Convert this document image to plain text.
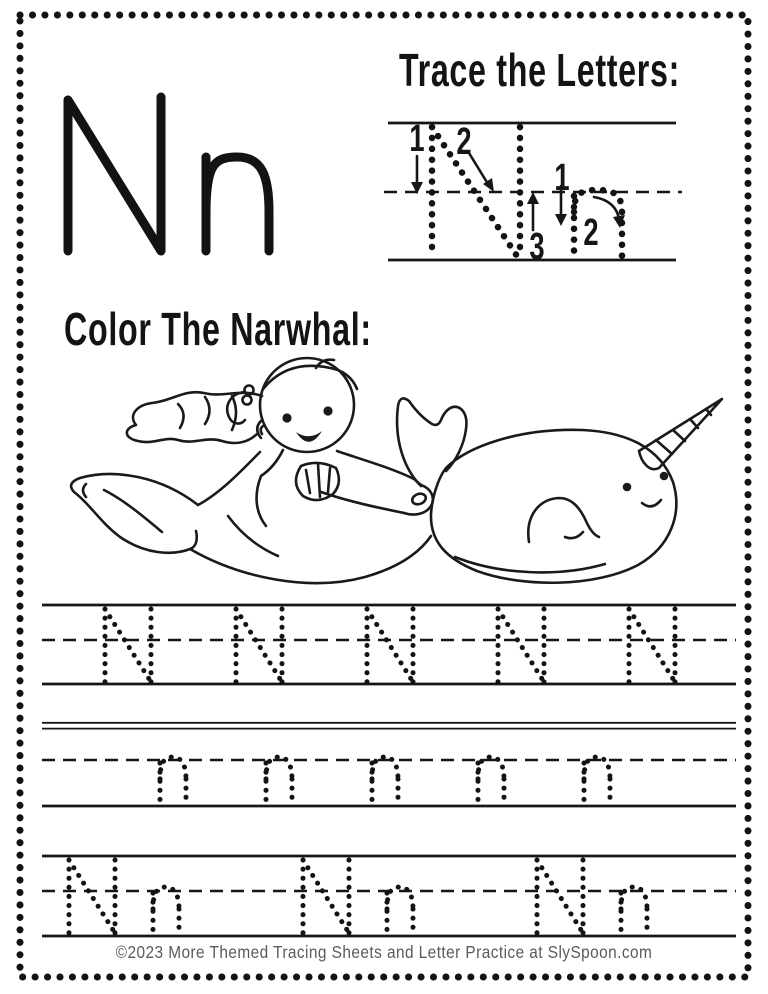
1 2
3
1
2
Trace the Letters:
Color The Narwhal:
©2023 More Themed Tracing Sheets and Letter Practice at SlySpoon.com
